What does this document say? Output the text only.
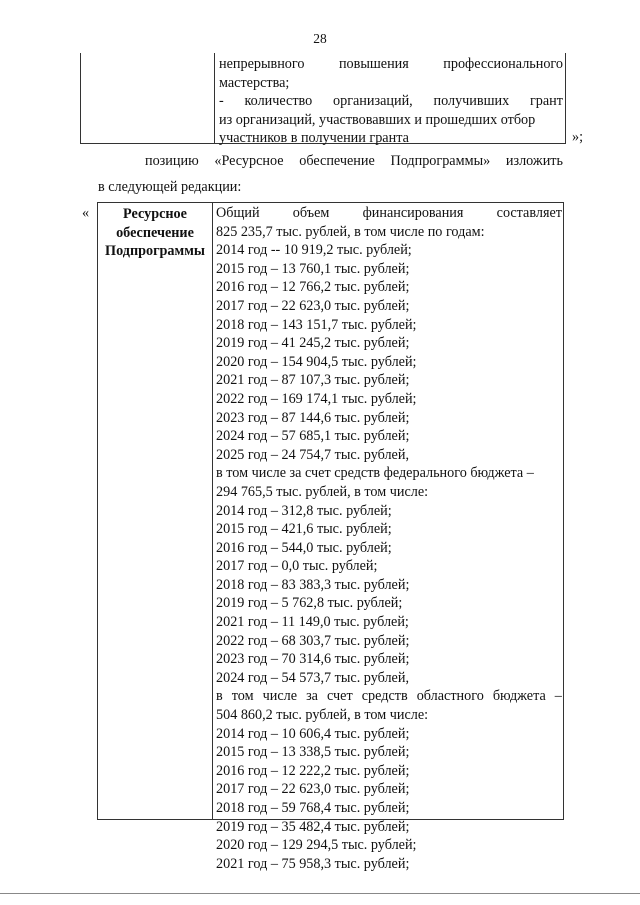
28
непрерывного повышения профессионального
мастерства;
- количество организаций, получивших грант
из организаций, участвовавших и прошедших отбор
участников в получении гранта	»;
позицию «Ресурсное обеспечение Подпрограммы» изложить
в следующей редакции:
«	Ресурсное
обеспечение
Подпрограммы
Общий объем финансирования составляет
825 235,7 тыс. рублей, в том числе по годам:
2014 год -- 10 919,2 тыс. рублей;
2015 год – 13 760,1 тыс. рублей;
2016 год – 12 766,2 тыс. рублей;
2017 год – 22 623,0 тыс. рублей;
2018 год – 143 151,7 тыс. рублей;
2019 год – 41 245,2 тыс. рублей;
2020 год – 154 904,5 тыс. рублей;
2021 год – 87 107,3 тыс. рублей;
2022 год – 169 174,1 тыс. рублей;
2023 год – 87 144,6 тыс. рублей;
2024 год – 57 685,1 тыс. рублей;
2025 год – 24 754,7 тыс. рублей,
в том числе за счет средств федерального бюджета –
294 765,5 тыс. рублей, в том числе:
2014 год – 312,8 тыс. рублей;
2015 год – 421,6 тыс. рублей;
2016 год – 544,0 тыс. рублей;
2017 год – 0,0 тыс. рублей;
2018 год – 83 383,3 тыс. рублей;
2019 год – 5 762,8 тыс. рублей;
2021 год – 11 149,0 тыс. рублей;
2022 год – 68 303,7 тыс. рублей;
2023 год – 70 314,6 тыс. рублей;
2024 год – 54 573,7 тыс. рублей,
в том числе за счет средств областного бюджета –
504 860,2 тыс. рублей, в том числе:
2014 год – 10 606,4 тыс. рублей;
2015 год – 13 338,5 тыс. рублей;
2016 год – 12 222,2 тыс. рублей;
2017 год – 22 623,0 тыс. рублей;
2018 год – 59 768,4 тыс. рублей;
2019 год – 35 482,4 тыс. рублей;
2020 год – 129 294,5 тыс. рублей;
2021 год – 75 958,3 тыс. рублей;
